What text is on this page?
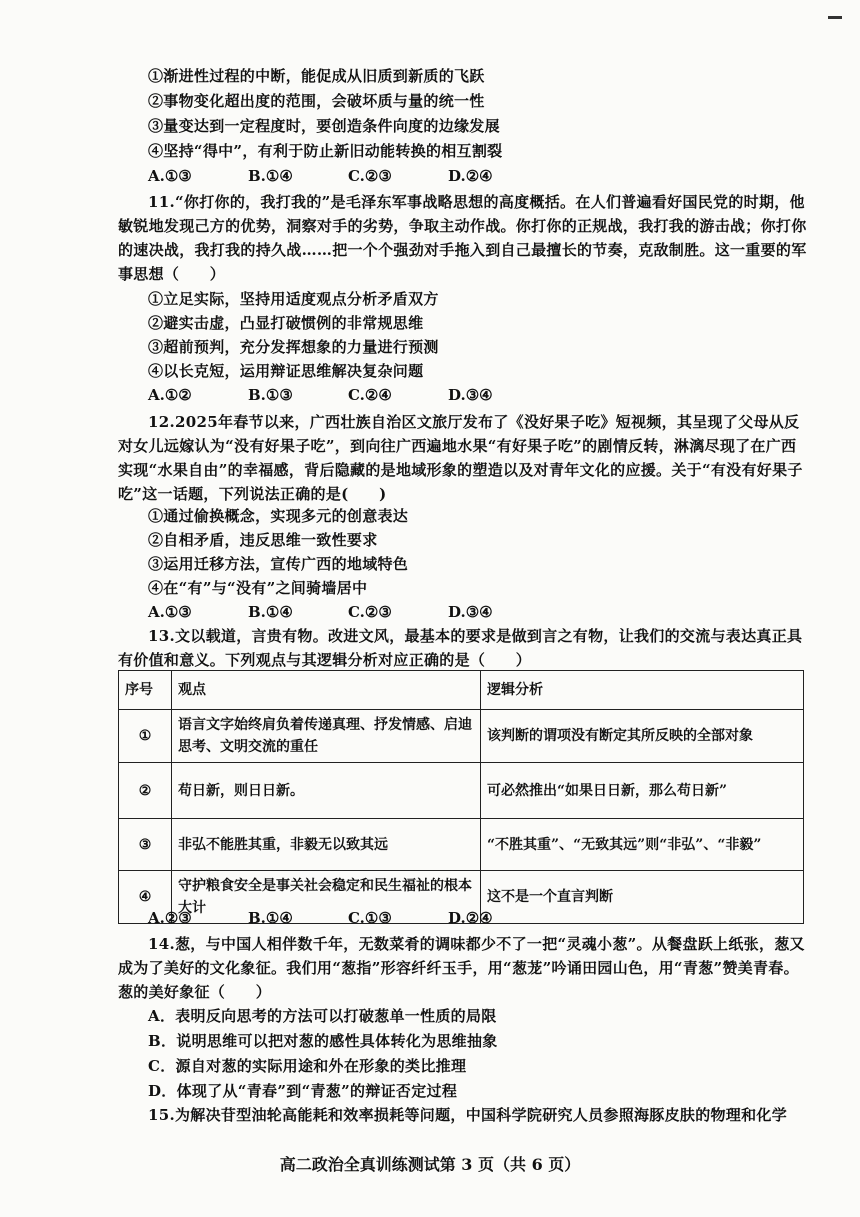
①渐进性过程的中断，能促成从旧质到新质的飞跃
②事物变化超出度的范围，会破坏质与量的统一性
③量变达到一定程度时，要创造条件向度的边缘发展
④坚持“得中”，有利于防止新旧动能转换的相互割裂
A.①③	B.①④	C.②③	D.②④
11.“你打你的，我打我的”是毛泽东军事战略思想的高度概括。在人们普遍看好国民党的时期，他敏锐地发现己方的优势，洞察对手的劣势，争取主动作战。你打你的正规战，我打我的游击战；你打你的速决战，我打我的持久战……把一个个强劲对手拖入到自己最擅长的节奏，克敌制胜。这一重要的军事思想（　　）
①立足实际，坚持用适度观点分析矛盾双方
②避实击虚，凸显打破惯例的非常规思维
③超前预判，充分发挥想象的力量进行预测
④以长克短，运用辩证思维解决复杂问题
A.①②	B.①③	C.②④	D.③④
12.2025年春节以来，广西壮族自治区文旅厅发布了《没好果子吃》短视频，其呈现了父母从反对女儿远嫁认为“没有好果子吃”，到向往广西遍地水果“有好果子吃”的剧情反转，淋漓尽现了在广西实现“水果自由”的幸福感，背后隐藏的是地域形象的塑造以及对青年文化的应援。关于“有没有好果子吃”这一话题，下列说法正确的是(　　)
①通过偷换概念，实现多元的创意表达
②自相矛盾，违反思维一致性要求
③运用迁移方法，宣传广西的地域特色
④在“有”与“没有”之间骑墙居中
A.①③	B.①④	C.②③	D.③④
13.文以载道，言贵有物。改进文风，最基本的要求是做到言之有物，让我们的交流与表达真正具有价值和意义。下列观点与其逻辑分析对应正确的是（　　）
序号	观点	逻辑分析
①	语言文字始终肩负着传递真理、抒发情感、启迪思考、文明交流的重任	该判断的谓项没有断定其所反映的全部对象
②	苟日新，则日日新。	可必然推出“如果日日新，那么苟日新”
③	非弘不能胜其重，非毅无以致其远	“不胜其重”、“无致其远”则“非弘”、“非毅”
④	守护粮食安全是事关社会稳定和民生福祉的根本大计	这不是一个直言判断
A.②③	B.①④	C.①③	D.②④
14.葱，与中国人相伴数千年，无数菜肴的调味都少不了一把“灵魂小葱”。从餐盘跃上纸张，葱又成为了美好的文化象征。我们用“葱指”形容纤纤玉手，用“葱茏”吟诵田园山色，用“青葱”赞美青春。葱的美好象征（　　）
A．表明反向思考的方法可以打破葱单一性质的局限
B．说明思维可以把对葱的感性具体转化为思维抽象
C．源自对葱的实际用途和外在形象的类比推理
D．体现了从“青春”到“青葱”的辩证否定过程
15.为解决苷型油轮高能耗和效率损耗等问题，中国科学院研究人员参照海豚皮肤的物理和化学
高二政治全真训练测试第 3 页（共 6 页）
